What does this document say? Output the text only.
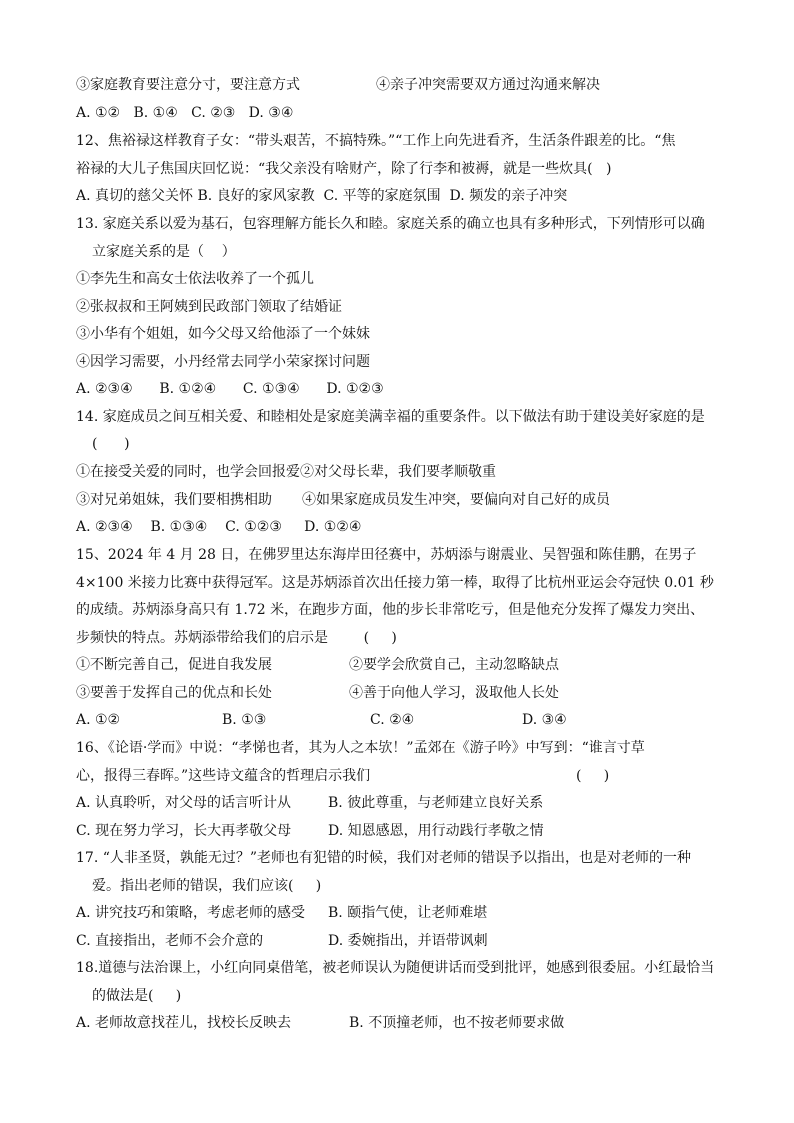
③家庭教育要注意分寸，要注意方式	④亲子冲突需要双方通过沟通来解决
A. ①②   B. ①④   C. ②③   D. ③④
12、焦裕禄这样教育子女：“带头艰苦，不搞特殊。”“工作上向先进看齐，生活条件跟差的比。“焦
裕禄的大儿子焦国庆回忆说：“我父亲没有啥财产，除了行李和被褥，就是一些炊具(   )
A. 真切的慈父关怀 B. 良好的家风家教  C. 平等的家庭氛围  D. 频发的亲子冲突
13. 家庭关系以爱为基石，包容理解方能长久和睦。家庭关系的确立也具有多种形式，下列情形可以确
立家庭关系的是（    ）
①李先生和高女士依法收养了一个孤儿
②张叔叔和王阿姨到民政部门领取了结婚证
③小华有个姐姐，如今父母又给他添了一个妹妹
④因学习需要，小丹经常去同学小荣家探讨问题
A. ②③④      B. ①②④      C. ①③④      D. ①②③
14. 家庭成员之间互相关爱、和睦相处是家庭美满幸福的重要条件。以下做法有助于建设美好家庭的是
(      )
①在接受关爱的同时，也学会回报爱②对父母长辈，我们要孝顺敬重
③对兄弟姐妹，我们要相携相助 ④如果家庭成员发生冲突，要偏向对自己好的成员
A. ②③④    B. ①③④    C. ①②③     D. ①②④
15、2024 年 4 月 28 日，在佛罗里达东海岸田径赛中，苏炳添与谢震业、吴智强和陈佳鹏，在男子
4×100 米接力比赛中获得冠军。这是苏炳添首次出任接力第一棒，取得了比杭州亚运会夺冠快 0.01 秒
的成绩。苏炳添身高只有 1.72 米，在跑步方面，他的步长非常吃亏，但是他充分发挥了爆发力突出、
步频快的特点。苏炳添带给我们的启示是        (     )
①不断完善自己，促进自我发展	②要学会欣赏自己，主动忽略缺点
③要善于发挥自己的优点和长处	④善于向他人学习，汲取他人长处
A. ①②	B. ①③	C. ②④	D. ③④
16、《论语·学而》中说：“孝悌也者，其为人之本欤！”孟郊在《游子吟》中写到：“谁言寸草
心，报得三春晖。”这些诗文蕴含的哲理启示我们	(     )
A. 认真聆听，对父母的话言听计从	B. 彼此尊重，与老师建立良好关系
C. 现在努力学习，长大再孝敬父母	D. 知恩感恩，用行动践行孝敬之情
17. “人非圣贤，孰能无过？”老师也有犯错的时候，我们对老师的错误予以指出，也是对老师的一种
爱。指出老师的错误，我们应该(     )
A. 讲究技巧和策略，考虑老师的感受 B. 颐指气使，让老师难堪
C. 直接指出，老师不会介意的	D. 委婉指出，并语带讽刺
18.道德与法治课上，小红向同桌借笔，被老师误认为随便讲话而受到批评，她感到很委屈。小红最恰当
的做法是(     )
A. 老师故意找茬儿，找校长反映去	B. 不顶撞老师，也不按老师要求做
